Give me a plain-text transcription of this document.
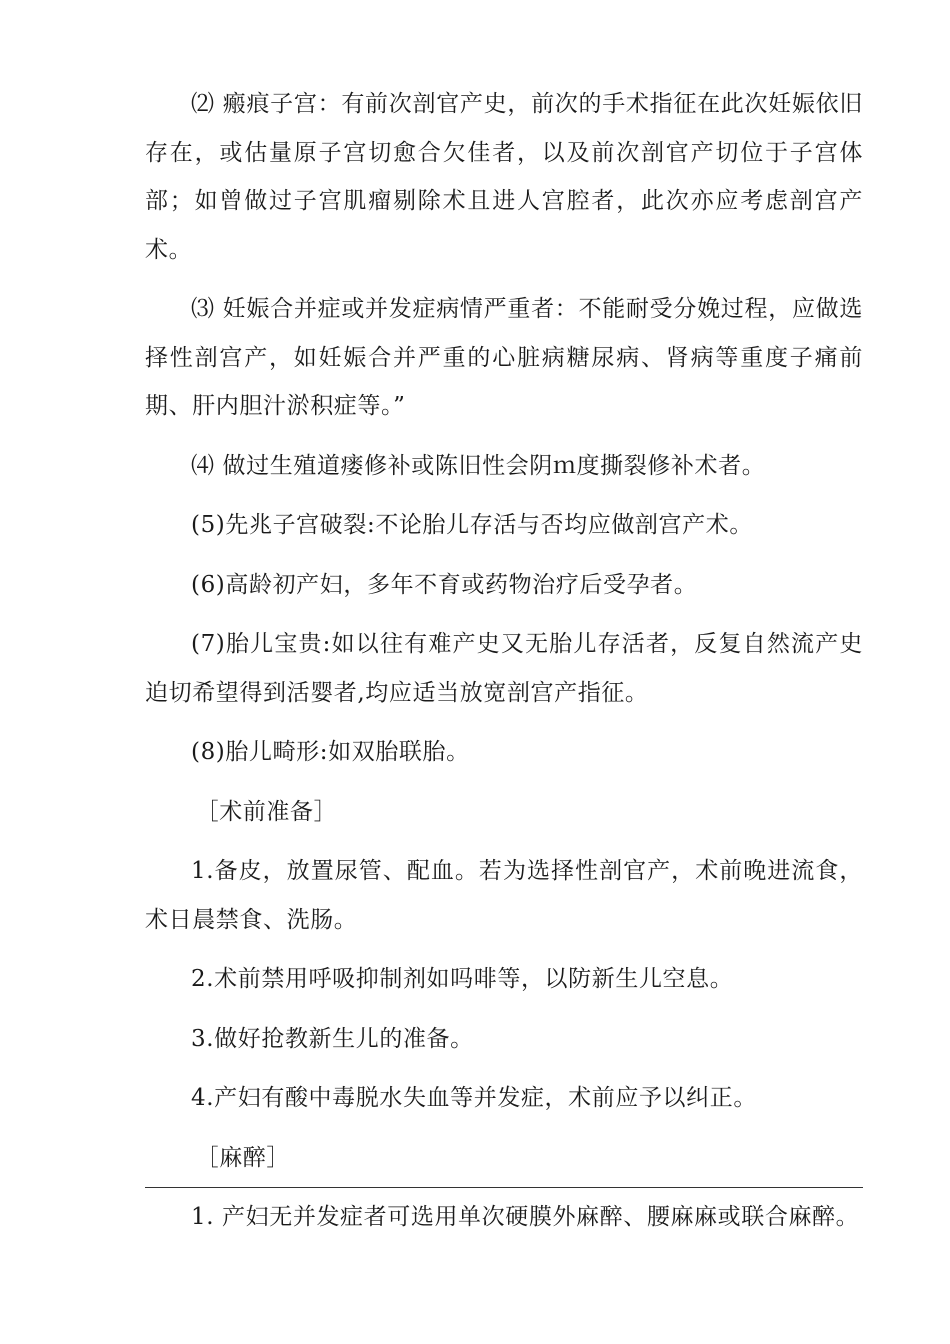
⑵ 瘢痕子宫：有前次剖官产史，前次的手术指征在此次妊娠依旧存在，或估量原子宫切愈合欠佳者，以及前次剖官产切位于子宫体部；如曾做过子宫肌瘤剔除术且进人宫腔者，此次亦应考虑剖宫产术。

⑶ 妊娠合并症或并发症病情严重者：不能耐受分娩过程，应做选择性剖宫产，如妊娠合并严重的心脏病糖尿病、肾病等重度子痛前期、肝内胆汁淤积症等。”

⑷ 做过生殖道瘘修补或陈旧性会阴ｍ度撕裂修补术者。

(5)先兆子宫破裂:不论胎儿存活与否均应做剖宫产术。

(6)高龄初产妇，多年不育或药物治疗后受孕者。

(7)胎儿宝贵:如以往有难产史又无胎儿存活者，反复自然流产史迫切希望得到活婴者,均应适当放宽剖宫产指征。

(8)胎儿畸形:如双胎联胎。

［术前准备］

1.备皮，放置尿管、配血。若为选择性剖官产，术前晚进流食，术日晨禁食、洗肠。

2.术前禁用呼吸抑制剂如吗啡等，以防新生儿空息。

3.做好抢教新生儿的准备。

4.产妇有酸中毒脱水失血等并发症，术前应予以纠正。

［麻醉］

1. 产妇无并发症者可选用单次硬膜外麻醉、腰麻麻或联合麻醉。
